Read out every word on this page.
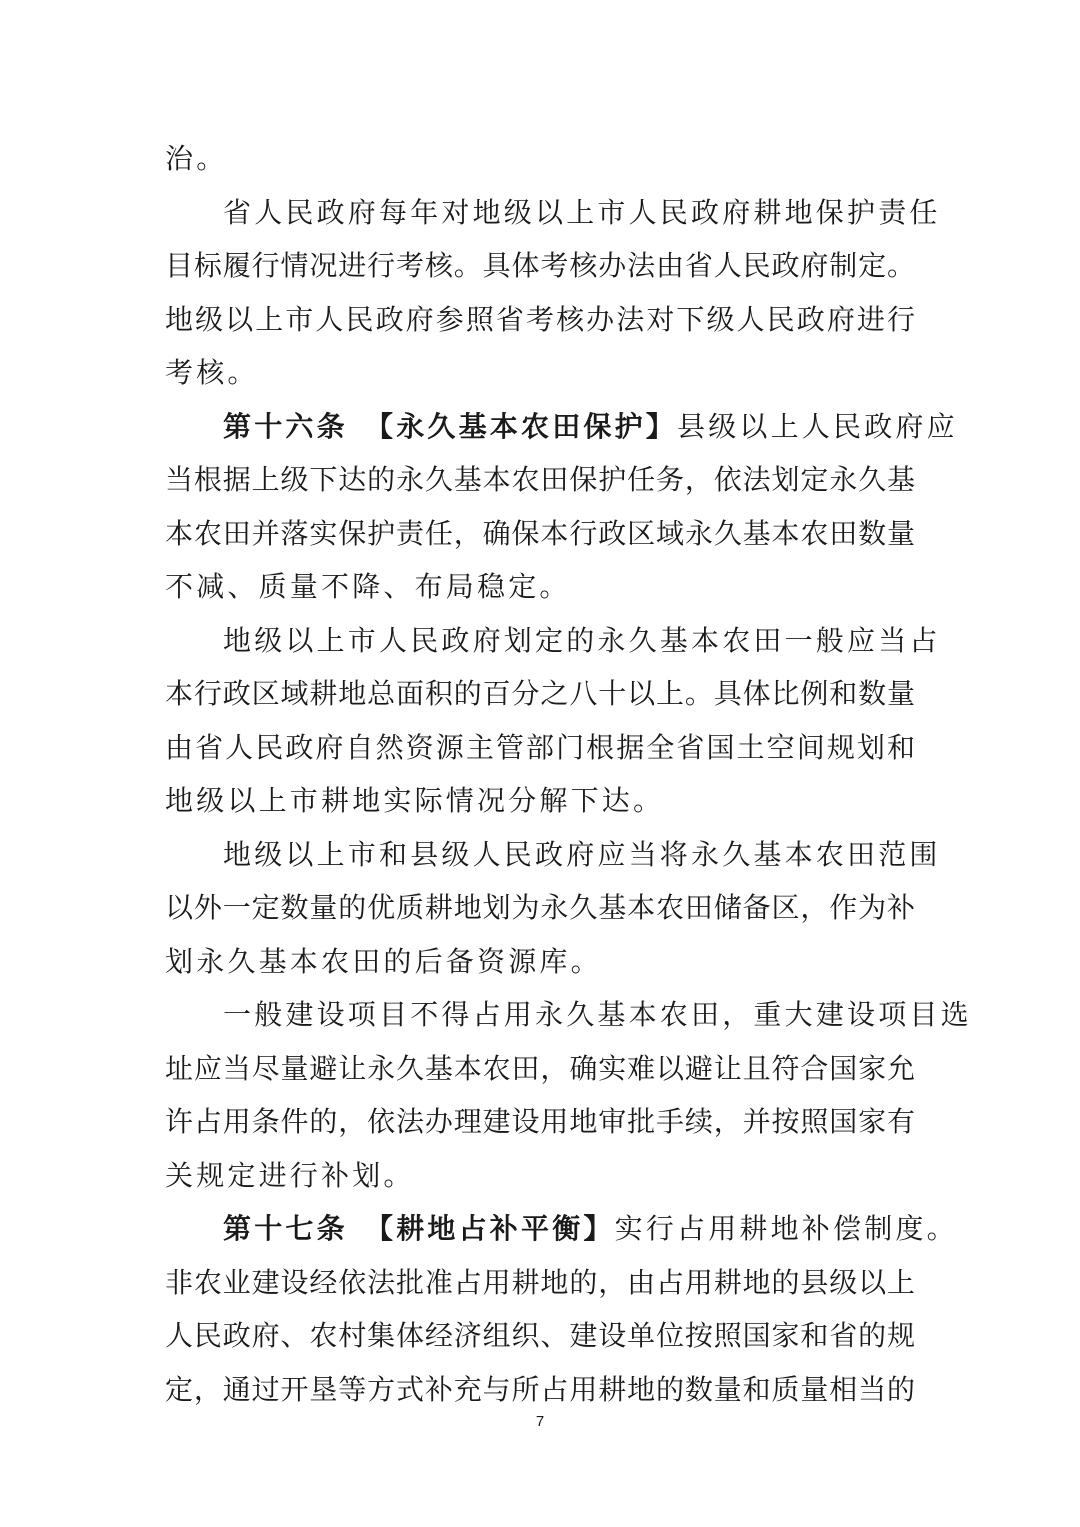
治。
省人民政府每年对地级以上市人民政府耕地保护责任
目标履行情况进行考核。具体考核办法由省人民政府制定。
地级以上市人民政府参照省考核办法对下级人民政府进行
考核。
第十六条　【永久基本农田保护】县级以上人民政府应
当根据上级下达的永久基本农田保护任务，依法划定永久基
本农田并落实保护责任，确保本行政区域永久基本农田数量
不减、质量不降、布局稳定。
地级以上市人民政府划定的永久基本农田一般应当占
本行政区域耕地总面积的百分之八十以上。具体比例和数量
由省人民政府自然资源主管部门根据全省国土空间规划和
地级以上市耕地实际情况分解下达。
地级以上市和县级人民政府应当将永久基本农田范围
以外一定数量的优质耕地划为永久基本农田储备区，作为补
划永久基本农田的后备资源库。
一般建设项目不得占用永久基本农田，重大建设项目选
址应当尽量避让永久基本农田，确实难以避让且符合国家允
许占用条件的，依法办理建设用地审批手续，并按照国家有
关规定进行补划。
第十七条　【耕地占补平衡】实行占用耕地补偿制度。
非农业建设经依法批准占用耕地的，由占用耕地的县级以上
人民政府、农村集体经济组织、建设单位按照国家和省的规
定，通过开垦等方式补充与所占用耕地的数量和质量相当的
7
